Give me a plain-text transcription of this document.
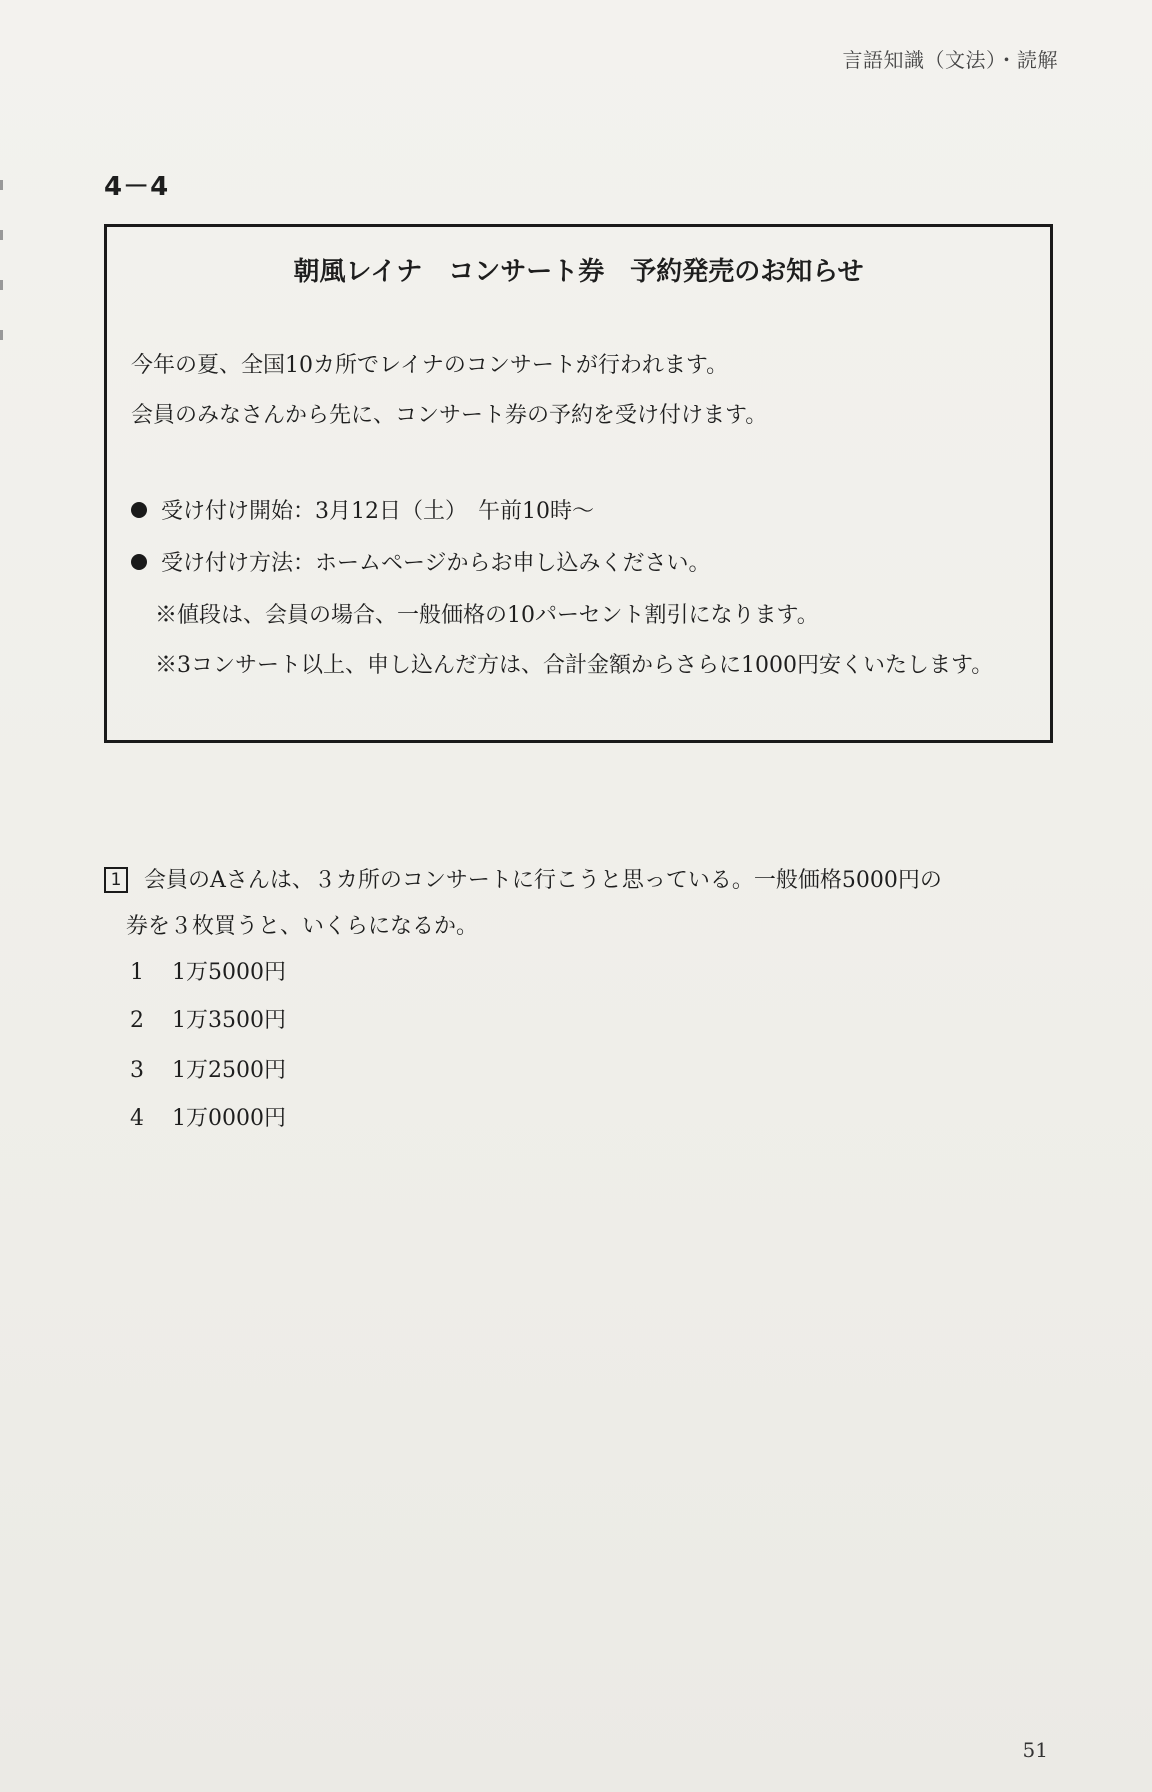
言語知識（文法）・読解
4－4
朝風レイナ　コンサート券　予約発売のお知らせ
今年の夏、全国10カ所でレイナのコンサートが行われます。
会員のみなさんから先に、コンサート券の予約を受け付けます。
受け付け開始：3月12日（土）　午前10時～
受け付け方法：ホームページからお申し込みください。
※値段は、会員の場合、一般価格の10パーセント割引になります。
※3コンサート以上、申し込んだ方は、合計金額からさらに1000円安くいたします。
1 会員のAさんは、３カ所のコンサートに行こうと思っている。一般価格5000円の
券を３枚買うと、いくらになるか。
1 1万5000円
2 1万3500円
3 1万2500円
4 1万0000円
51
